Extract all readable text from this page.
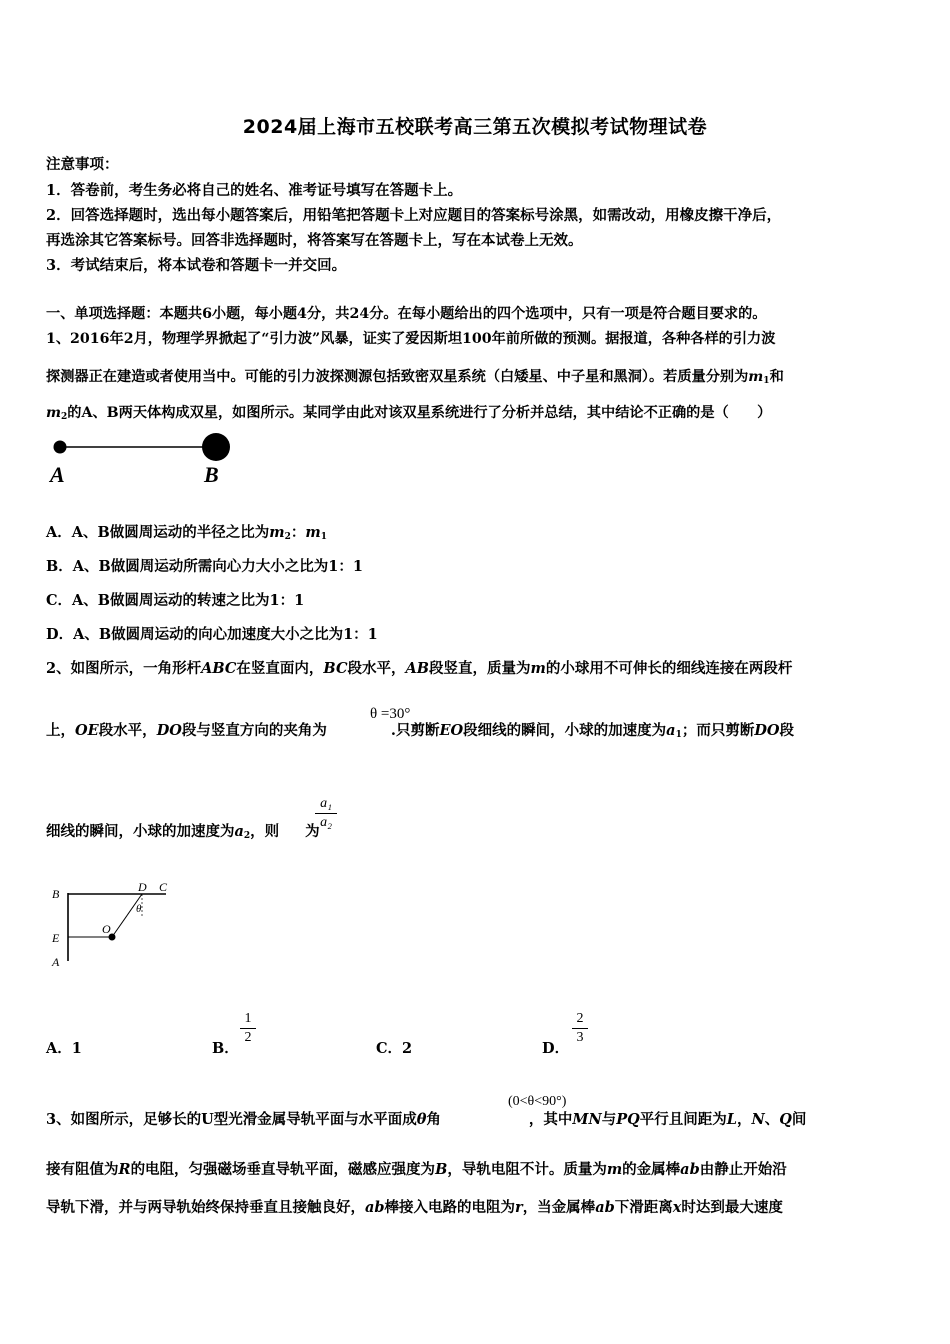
2024届上海市五校联考高三第五次模拟考试物理试卷
注意事项：
1．答卷前，考生务必将自己的姓名、准考证号填写在答题卡上。
2．回答选择题时，选出每小题答案后，用铅笔把答题卡上对应题目的答案标号涂黑，如需改动，用橡皮擦干净后，
再选涂其它答案标号。回答非选择题时，将答案写在答题卡上，写在本试卷上无效。
3．考试结束后，将本试卷和答题卡一并交回。
一、单项选择题：本题共6小题，每小题4分，共24分。在每小题给出的四个选项中，只有一项是符合题目要求的。
1、2016年2月，物理学界掀起了“引力波”风暴，证实了爱因斯坦100年前所做的预测。据报道，各种各样的引力波
探测器正在建造或者使用当中。可能的引力波探测源包括致密双星系统（白矮星、中子星和黑洞）。若质量分别为$m_1$和
$m_2$的A、B两天体构成双星，如图所示。某同学由此对该双星系统进行了分析并总结，其中结论不正确的是（　　）
A	B
A．A、B做圆周运动的半径之比为$m_2$：$m_1$
B．A、B做圆周运动所需向心力大小之比为1：1
C．A、B做圆周运动的转速之比为1：1
D．A、B做圆周运动的向心加速度大小之比为1：1
2、如图所示，一角形杆ABC在竖直面内，BC段水平，AB段竖直，质量为m的小球用不可伸长的细线连接在两段杆
θ =30°
上，OE段水平，DO段与竖直方向的夹角为	.只剪断EO段细线的瞬间，小球的加速度为$a_1$；而只剪断DO段
细线的瞬间，小球的加速度为$a_2$，则 为
a₁
a₂
B	D C
θ
O
E
A
A．1	B．
1
2
C．2	D．
2
3
(0<θ<90°)
3、如图所示，足够长的U型光滑金属导轨平面与水平面成θ角	，其中MN与PQ平行且间距为L，N、Q间
接有阻值为R的电阻，匀强磁场垂直导轨平面，磁感应强度为B，导轨电阻不计。质量为m的金属棒ab由静止开始沿
导轨下滑，并与两导轨始终保持垂直且接触良好，ab棒接入电路的电阻为r，当金属棒ab下滑距离x时达到最大速度
